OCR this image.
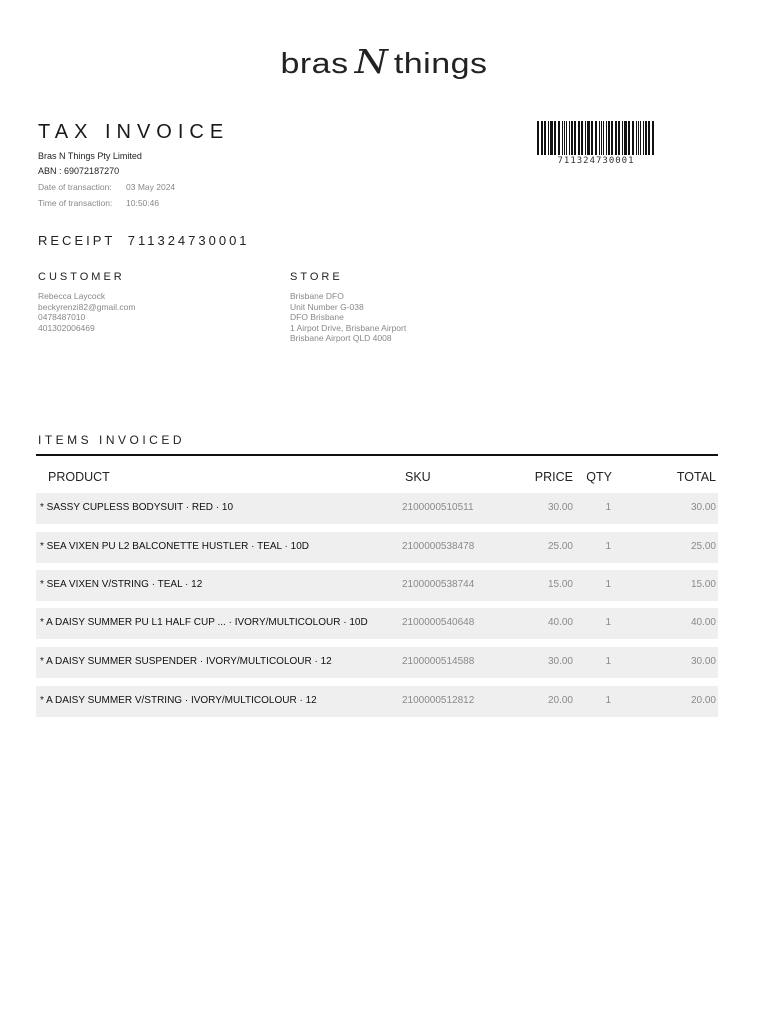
bras N things
TAX INVOICE
Bras N Things Pty Limited
ABN : 69072187270
Date of transaction: 03 May 2024
Time of transaction: 10:50:46
711324730001
RECEIPT 711324730001
CUSTOMER
Rebecca Laycock
beckyrenzi82@gmail.com
0478487010
401302006469
STORE
Brisbane DFO
Unit Number G-038
DFO Brisbane
1 Airpot Drive, Brisbane Airport
Brisbane Airport QLD 4008
ITEMS INVOICED
PRODUCT	SKU	PRICE QTY	TOTAL
* SASSY CUPLESS BODYSUIT · RED · 10	2100000510511	30.00	1	30.00
* SEA VIXEN PU L2 BALCONETTE HUSTLER · TEAL · 10D	2100000538478	25.00	1	25.00
* SEA VIXEN V/STRING · TEAL · 12	2100000538744	15.00	1	15.00
* A DAISY SUMMER PU L1 HALF CUP ... · IVORY/MULTICOLOUR · 10D	2100000540648	40.00	1	40.00
* A DAISY SUMMER SUSPENDER · IVORY/MULTICOLOUR · 12	2100000514588	30.00	1	30.00
* A DAISY SUMMER V/STRING · IVORY/MULTICOLOUR · 12	2100000512812	20.00	1	20.00
